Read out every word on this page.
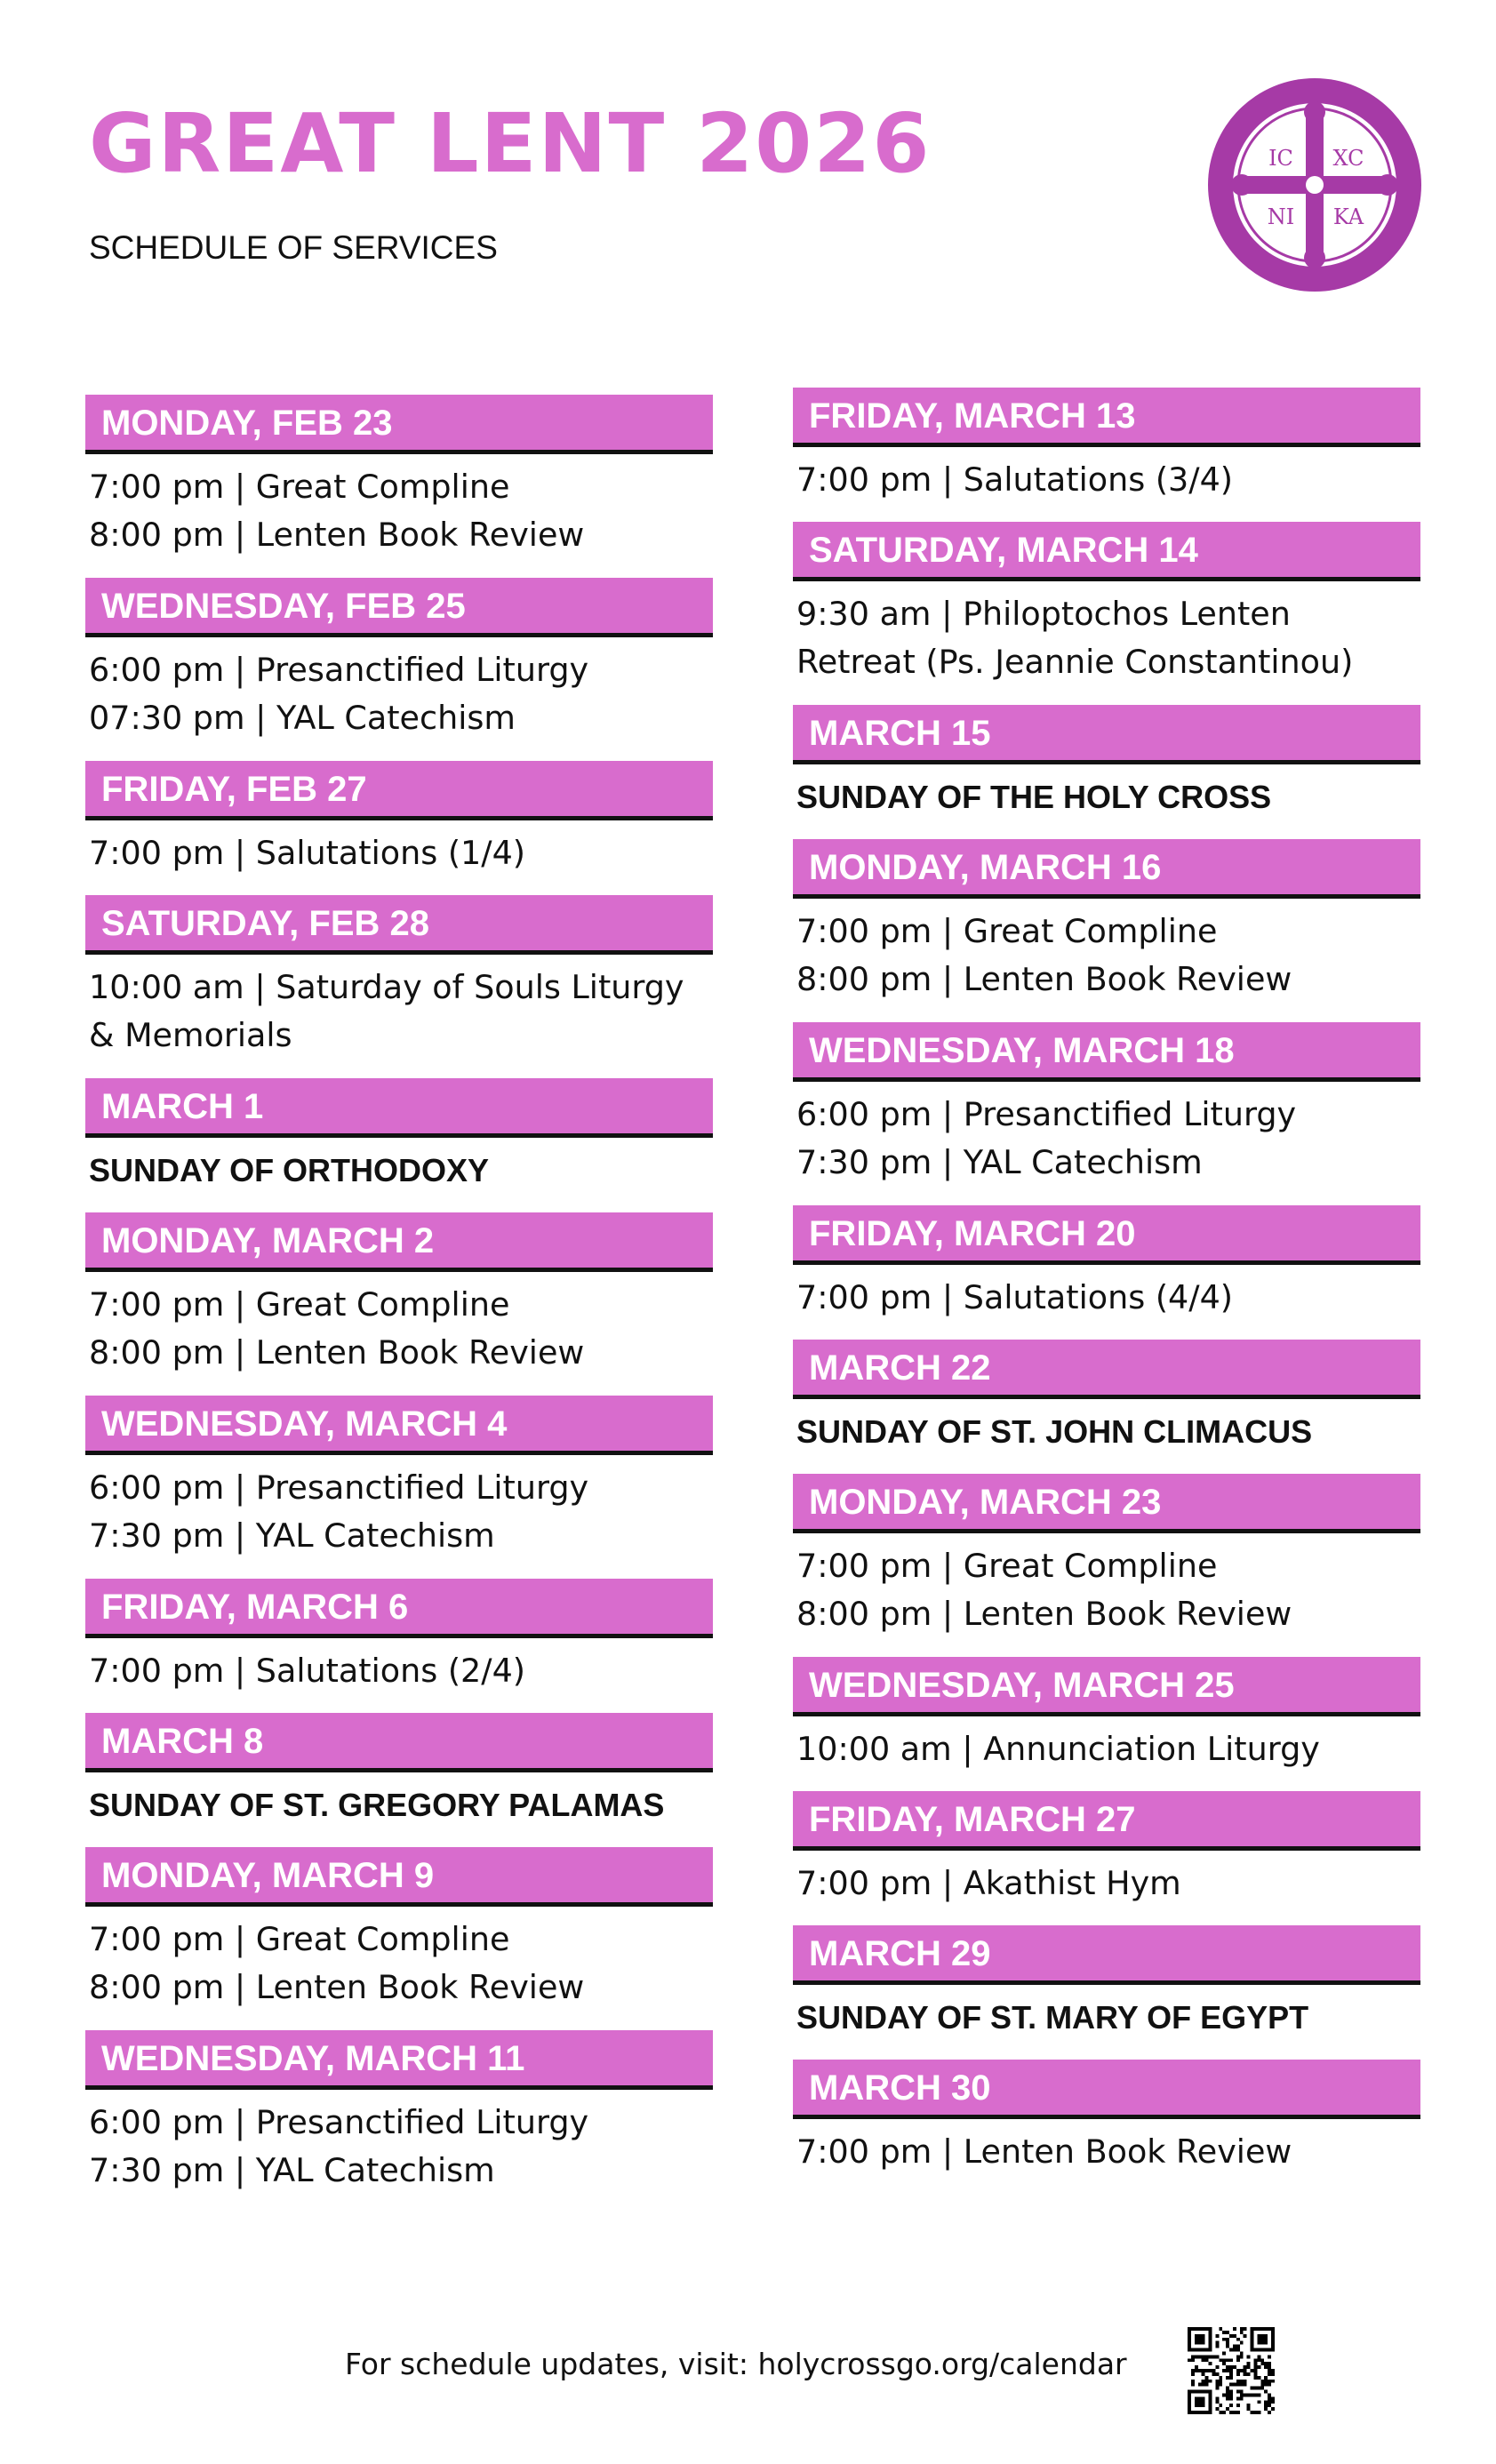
GREAT LENT 2026
SCHEDULE OF SERVICES
IC XC
NI KA
MONDAY, FEB 23
7:00 pm | Great Compline
8:00 pm | Lenten Book Review
WEDNESDAY, FEB 25
6:00 pm | Presanctified Liturgy
07:30 pm | YAL Catechism
FRIDAY, FEB 27
7:00 pm | Salutations (1/4)
SATURDAY, FEB 28
10:00 am | Saturday of Souls Liturgy
& Memorials
MARCH 1
SUNDAY OF ORTHODOXY
MONDAY, MARCH 2
7:00 pm | Great Compline
8:00 pm | Lenten Book Review
WEDNESDAY, MARCH 4
6:00 pm | Presanctified Liturgy
7:30 pm | YAL Catechism
FRIDAY, MARCH 6
7:00 pm | Salutations (2/4)
MARCH 8
SUNDAY OF ST. GREGORY PALAMAS
MONDAY, MARCH 9
7:00 pm | Great Compline
8:00 pm | Lenten Book Review
WEDNESDAY, MARCH 11
6:00 pm | Presanctified Liturgy
7:30 pm | YAL Catechism
FRIDAY, MARCH 13
7:00 pm | Salutations (3/4)
SATURDAY, MARCH 14
9:30 am | Philoptochos Lenten
Retreat (Ps. Jeannie Constantinou)
MARCH 15
SUNDAY OF THE HOLY CROSS
MONDAY, MARCH 16
7:00 pm | Great Compline
8:00 pm | Lenten Book Review
WEDNESDAY, MARCH 18
6:00 pm | Presanctified Liturgy
7:30 pm | YAL Catechism
FRIDAY, MARCH 20
7:00 pm | Salutations (4/4)
MARCH 22
SUNDAY OF ST. JOHN CLIMACUS
MONDAY, MARCH 23
7:00 pm | Great Compline
8:00 pm | Lenten Book Review
WEDNESDAY, MARCH 25
10:00 am | Annunciation Liturgy
FRIDAY, MARCH 27
7:00 pm | Akathist Hym
MARCH 29
SUNDAY OF ST. MARY OF EGYPT
MARCH 30
7:00 pm | Lenten Book Review
For schedule updates, visit: holycrossgo.org/calendar
